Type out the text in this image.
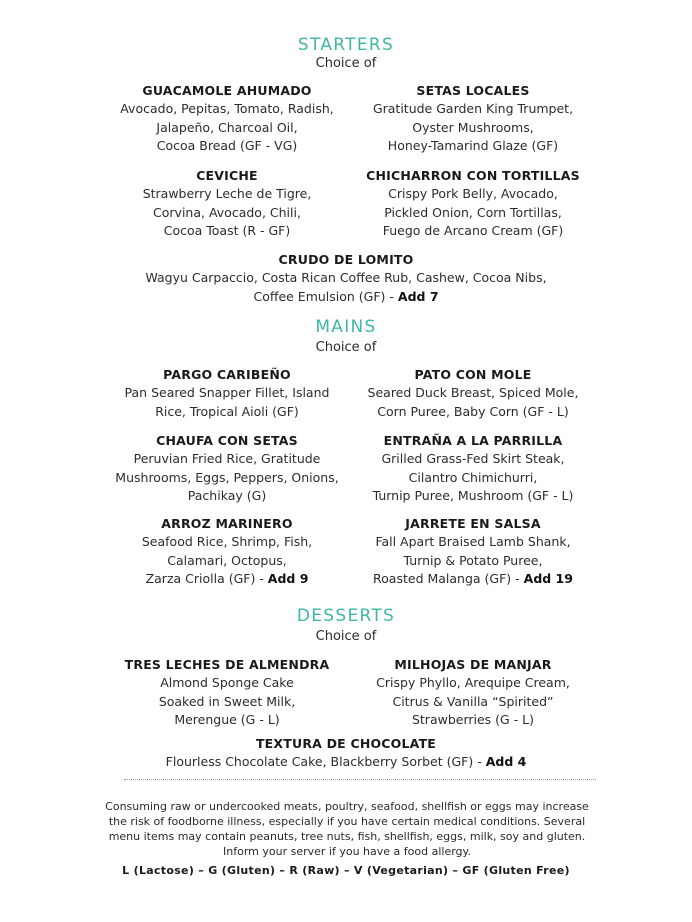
STARTERS
Choice of
GUACAMOLE AHUMADO
Avocado, Pepitas, Tomato, Radish,
Jalapeño, Charcoal Oil,
Cocoa Bread (GF - VG)
SETAS LOCALES
Gratitude Garden King Trumpet,
Oyster Mushrooms,
Honey-Tamarind Glaze (GF)
CEVICHE
Strawberry Leche de Tigre,
Corvina, Avocado, Chili,
Cocoa Toast (R - GF)
CHICHARRON CON TORTILLAS
Crispy Pork Belly, Avocado,
Pickled Onion, Corn Tortillas,
Fuego de Arcano Cream (GF)
CRUDO DE LOMITO
Wagyu Carpaccio, Costa Rican Coffee Rub, Cashew, Cocoa Nibs,
Coffee Emulsion (GF) - Add 7
MAINS
Choice of
PARGO CARIBEÑO
Pan Seared Snapper Fillet, Island
Rice, Tropical Aioli (GF)
PATO CON MOLE
Seared Duck Breast, Spiced Mole,
Corn Puree, Baby Corn (GF - L)
CHAUFA CON SETAS
Peruvian Fried Rice, Gratitude
Mushrooms, Eggs, Peppers, Onions,
Pachikay (G)
ENTRAÑA A LA PARRILLA
Grilled Grass-Fed Skirt Steak,
Cilantro Chimichurri,
Turnip Puree, Mushroom (GF - L)
ARROZ MARINERO
Seafood Rice, Shrimp, Fish,
Calamari, Octopus,
Zarza Criolla (GF) - Add 9
JARRETE EN SALSA
Fall Apart Braised Lamb Shank,
Turnip & Potato Puree,
Roasted Malanga (GF) - Add 19
DESSERTS
Choice of
TRES LECHES DE ALMENDRA
Almond Sponge Cake
Soaked in Sweet Milk,
Merengue (G - L)
MILHOJAS DE MANJAR
Crispy Phyllo, Arequipe Cream,
Citrus & Vanilla “Spirited”
Strawberries (G - L)
TEXTURA DE CHOCOLATE
Flourless Chocolate Cake, Blackberry Sorbet (GF) - Add 4
Consuming raw or undercooked meats, poultry, seafood, shellfish or eggs may increase the risk of foodborne illness, especially if you have certain medical conditions. Several menu items may contain peanuts, tree nuts, fish, shellfish, eggs, milk, soy and gluten. Inform your server if you have a food allergy.
L (Lactose) – G (Gluten) – R (Raw) – V (Vegetarian) – GF (Gluten Free)
